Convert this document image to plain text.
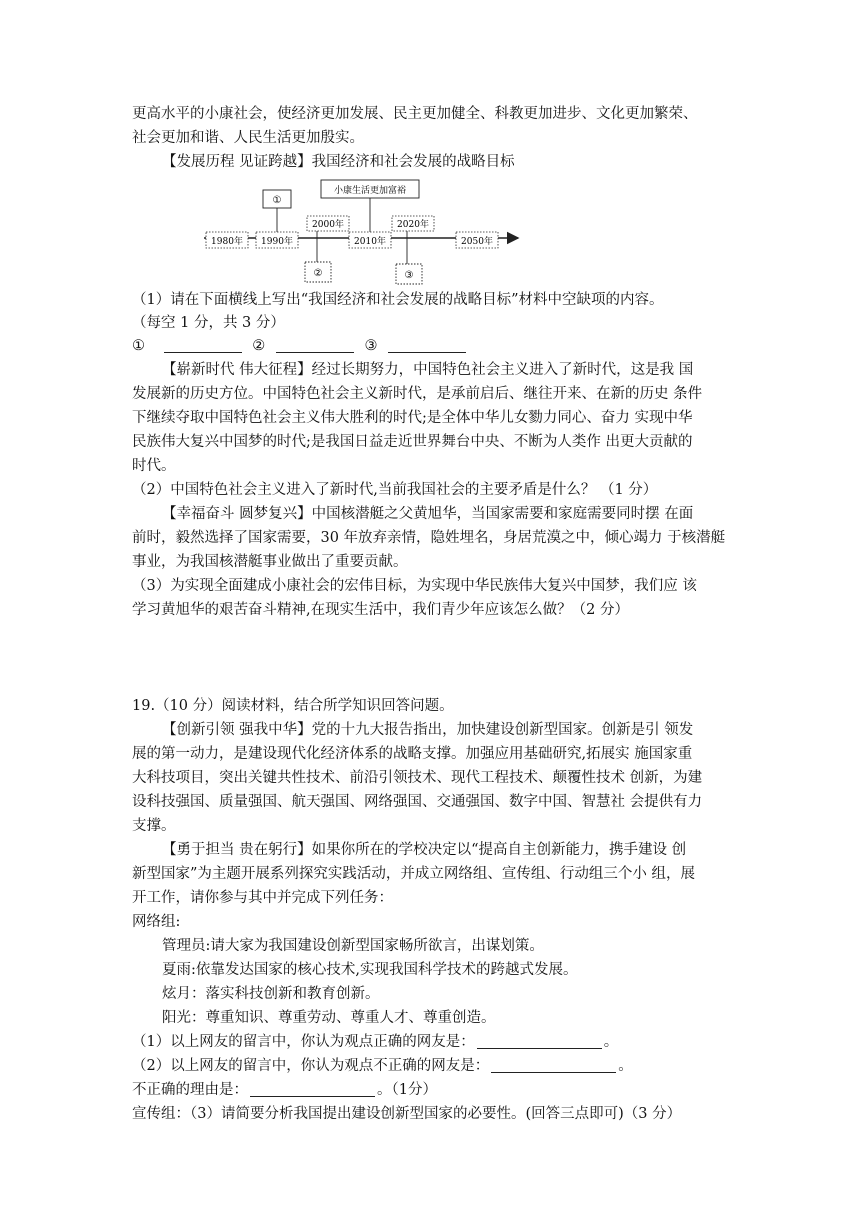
更高水平的小康社会，使经济更加发展、民主更加健全、科教更加进步、文化更加繁荣、
社会更加和谐、人民生活更加殷实。
【发展历程 见证跨越】我国经济和社会发展的战略目标
1980年 1990年
2000年
2010年
2020年
2050年
①
小康生活更加富裕
②	③
（1）请在下面横线上写出“我国经济和社会发展的战略目标”材料中空缺项的内容。
（每空 1 分，共 3 分）
①	②	③
【崭新时代 伟大征程】经过长期努力，中国特色社会主义进入了新时代，这是我 国
发展新的历史方位。中国特色社会主义新时代，是承前启后、继往开来、在新的历史 条件
下继续夺取中国特色社会主义伟大胜利的时代;是全体中华儿女勠力同心、奋力 实现中华
民族伟大复兴中国梦的时代;是我国日益走近世界舞台中央、不断为人类作 出更大贡献的
时代。
（2）中国特色社会主义进入了新时代,当前我国社会的主要矛盾是什么？ （1 分）
【幸福奋斗 圆梦复兴】中国核潜艇之父黄旭华，当国家需要和家庭需要同时摆 在面
前时，毅然选择了国家需要，30 年放弃亲情，隐姓埋名，身居荒漠之中，倾心竭力 于核潜艇
事业，为我国核潜艇事业做出了重要贡献。
（3）为实现全面建成小康社会的宏伟目标，为实现中华民族伟大复兴中国梦，我们应 该
学习黄旭华的艰苦奋斗精神,在现实生活中，我们青少年应该怎么做？（2 分）
19.（10 分）阅读材料，结合所学知识回答问题。
【创新引领 强我中华】党的十九大报告指出，加快建设创新型国家。创新是引 领发
展的第一动力，是建设现代化经济体系的战略支撑。加强应用基础研究,拓展实 施国家重
大科技项目，突出关键共性技术、前沿引领技术、现代工程技术、颠覆性技术 创新，为建
设科技强国、质量强国、航天强国、网络强国、交通强国、数字中国、智慧社 会提供有力
支撑。
【勇于担当 贵在躬行】如果你所在的学校决定以“提高自主创新能力，携手建设 创
新型国家”为主题开展系列探究实践活动，并成立网络组、宣传组、行动组三个小 组，展
开工作，请你参与其中并完成下列任务：
网络组:
管理员:请大家为我国建设创新型国家畅所欲言，出谋划策。
夏雨:依靠发达国家的核心技术,实现我国科学技术的跨越式发展。
炫月：落实科技创新和教育创新。
阳光：尊重知识、尊重劳动、尊重人才、尊重创造。
（1）以上网友的留言中，你认为观点正确的网友是：	。
（2）以上网友的留言中，你认为观点不正确的网友是：	。
不正确的理由是：	。（1分）
宣传组：（3）请简要分析我国提出建设创新型国家的必要性。(回答三点即可)（3 分）
